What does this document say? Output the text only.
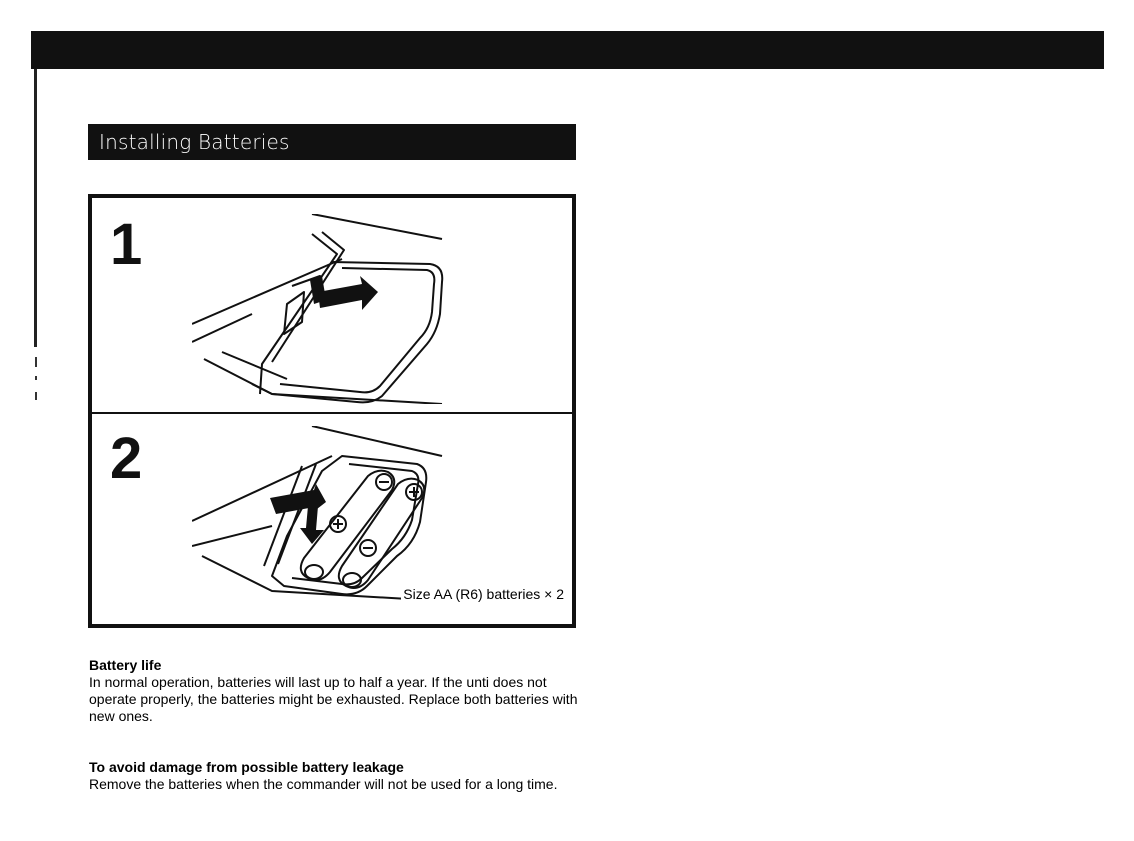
Installing Batteries
1
2
Size AA (R6) batteries × 2
Battery life

In normal operation, batteries will last up to half a year. If the unti does not operate properly, the batteries might be exhausted. Replace both batteries with new ones.

To avoid damage from possible battery leakage

Remove the batteries when the commander will not be used for a long time.
